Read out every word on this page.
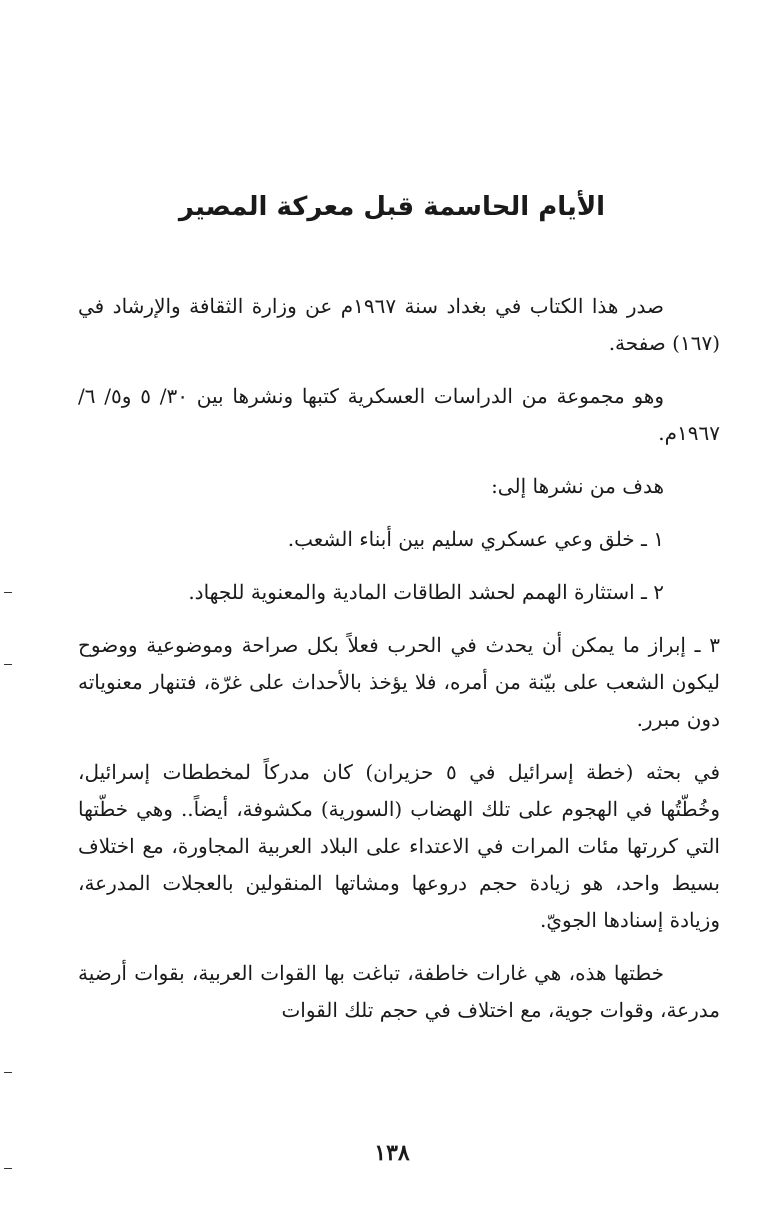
الأيام الحاسمة قبل معركة المصير

صدر هذا الكتاب في بغداد سنة ١٩٦٧م عن وزارة الثقافة والإرشاد في (١٦٧) صفحة.

وهو مجموعة من الدراسات العسكرية كتبها ونشرها بين ٣٠/ ٥ و٥/ ٦/ ١٩٦٧م.

هدف من نشرها إلى:

١ ـ خلق وعي عسكري سليم بين أبناء الشعب.

٢ ـ استثارة الهمم لحشد الطاقات المادية والمعنوية للجهاد.

٣ ـ إبراز ما يمكن أن يحدث في الحرب فعلاً بكل صراحة وموضوعية ووضوح ليكون الشعب على بيّنة من أمره، فلا يؤخذ بالأحداث على غرّة، فتنهار معنوياته دون مبرر.

في بحثه (خطة إسرائيل في ٥ حزيران) كان مدركاً لمخططات إسرائيل، وخُطّتُها في الهجوم على تلك الهضاب (السورية) مكشوفة، أيضاً.. وهي خطّتها التي كررتها مئات المرات في الاعتداء على البلاد العربية المجاورة، مع اختلاف بسيط واحد، هو زيادة حجم دروعها ومشاتها المنقولين بالعجلات المدرعة، وزيادة إسنادها الجويّ.

خطتها هذه، هي غارات خاطفة، تباغت بها القوات العربية، بقوات أرضية مدرعة، وقوات جوية، مع اختلاف في حجم تلك القوات

١٣٨
